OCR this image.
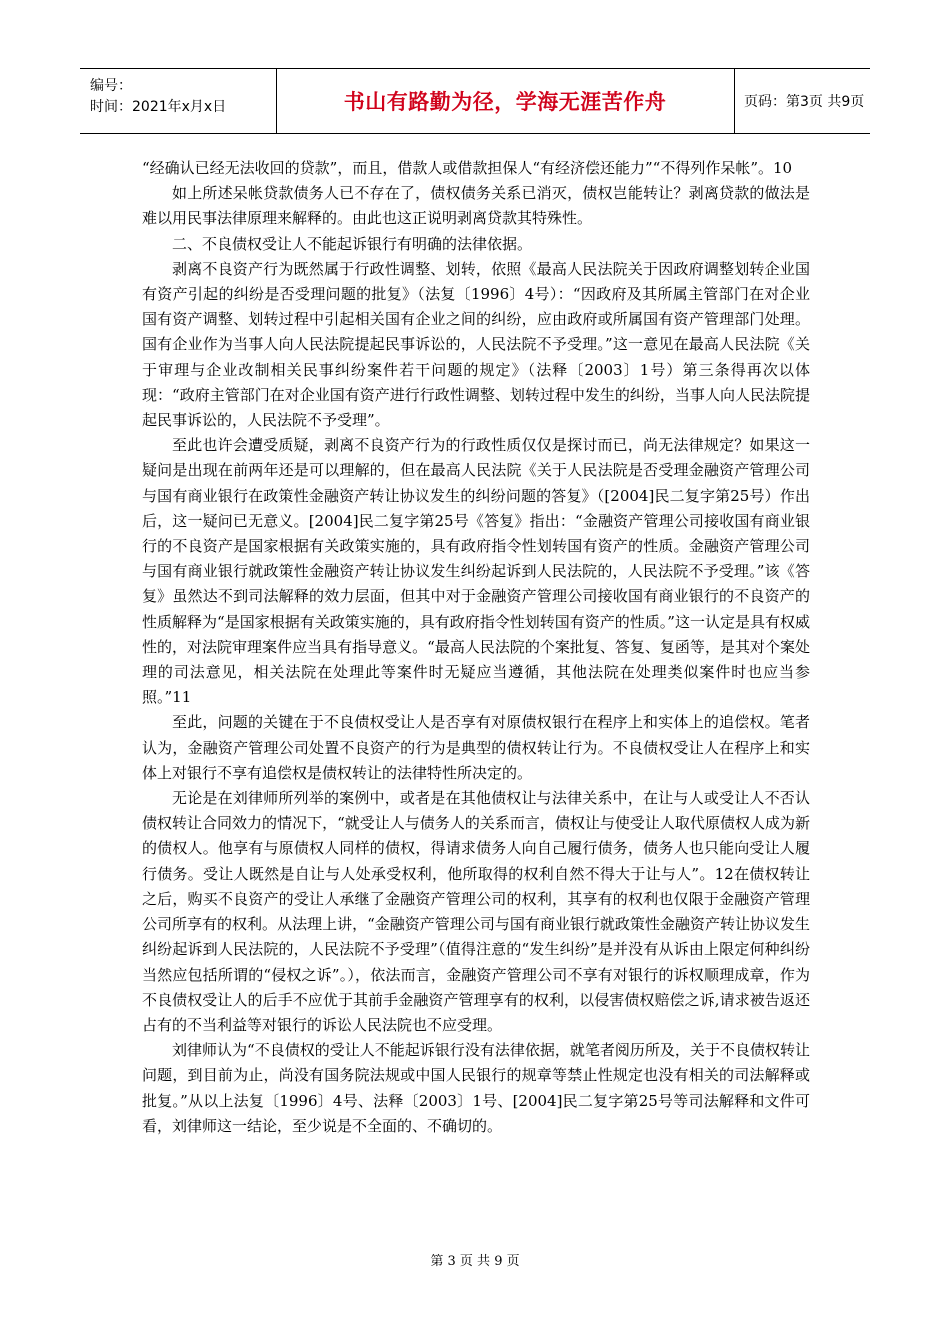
编号：
时间：2021年x月x日	书山有路勤为径，学海无涯苦作舟	页码：第3页 共9页

“经确认已经无法收回的贷款”，而且，借款人或借款担保人“有经济偿还能力”“不得列作呆帐”。10

如上所述呆帐贷款债务人已不存在了，债权债务关系已消灭，债权岂能转让？剥离贷款的做法是难以用民事法律原理来解释的。由此也这正说明剥离贷款其特殊性。

二、不良债权受让人不能起诉银行有明确的法律依据。

剥离不良资产行为既然属于行政性调整、划转，依照《最高人民法院关于因政府调整划转企业国有资产引起的纠纷是否受理问题的批复》（法复〔1996〕4号）：“因政府及其所属主管部门在对企业国有资产调整、划转过程中引起相关国有企业之间的纠纷，应由政府或所属国有资产管理部门处理。国有企业作为当事人向人民法院提起民事诉讼的，人民法院不予受理。”这一意见在最高人民法院《关于审理与企业改制相关民事纠纷案件若干问题的规定》（法释〔2003〕1号）第三条得再次以体现：“政府主管部门在对企业国有资产进行行政性调整、划转过程中发生的纠纷，当事人向人民法院提起民事诉讼的，人民法院不予受理”。

至此也许会遭受质疑，剥离不良资产行为的行政性质仅仅是探讨而已，尚无法律规定？如果这一疑问是出现在前两年还是可以理解的，但在最高人民法院《关于人民法院是否受理金融资产管理公司与国有商业银行在政策性金融资产转让协议发生的纠纷问题的答复》（[2004]民二复字第25号）作出后，这一疑问已无意义。[2004]民二复字第25号《答复》指出：“金融资产管理公司接收国有商业银行的不良资产是国家根据有关政策实施的，具有政府指令性划转国有资产的性质。金融资产管理公司与国有商业银行就政策性金融资产转让协议发生纠纷起诉到人民法院的，人民法院不予受理。”该《答复》虽然达不到司法解释的效力层面，但其中对于金融资产管理公司接收国有商业银行的不良资产的性质解释为“是国家根据有关政策实施的，具有政府指令性划转国有资产的性质。”这一认定是具有权威性的，对法院审理案件应当具有指导意义。“最高人民法院的个案批复、答复、复函等，是其对个案处理的司法意见，相关法院在处理此等案件时无疑应当遵循，其他法院在处理类似案件时也应当参照。”11

至此，问题的关键在于不良债权受让人是否享有对原债权银行在程序上和实体上的追偿权。笔者认为，金融资产管理公司处置不良资产的行为是典型的债权转让行为。不良债权受让人在程序上和实体上对银行不享有追偿权是债权转让的法律特性所决定的。

无论是在刘律师所列举的案例中，或者是在其他债权让与法律关系中，在让与人或受让人不否认债权转让合同效力的情况下，“就受让人与债务人的关系而言，债权让与使受让人取代原债权人成为新的债权人。他享有与原债权人同样的债权，得请求债务人向自己履行债务，债务人也只能向受让人履行债务。受让人既然是自让与人处承受权利，他所取得的权利自然不得大于让与人”。12在债权转让之后，购买不良资产的受让人承继了金融资产管理公司的权利，其享有的权利也仅限于金融资产管理公司所享有的权利。从法理上讲，“金融资产管理公司与国有商业银行就政策性金融资产转让协议发生纠纷起诉到人民法院的，人民法院不予受理”（值得注意的“发生纠纷”是并没有从诉由上限定何种纠纷当然应包括所谓的“侵权之诉”。），依法而言，金融资产管理公司不享有对银行的诉权顺理成章，作为不良债权受让人的后手不应优于其前手金融资产管理享有的权利，以侵害债权赔偿之诉,请求被告返还占有的不当利益等对银行的诉讼人民法院也不应受理。

刘律师认为“不良债权的受让人不能起诉银行没有法律依据，就笔者阅历所及，关于不良债权转让问题，到目前为止，尚没有国务院法规或中国人民银行的规章等禁止性规定也没有相关的司法解释或批复。”从以上法复〔1996〕4号、法释〔2003〕1号、[2004]民二复字第25号等司法解释和文件可看，刘律师这一结论，至少说是不全面的、不确切的。

第 3 页 共 9 页
